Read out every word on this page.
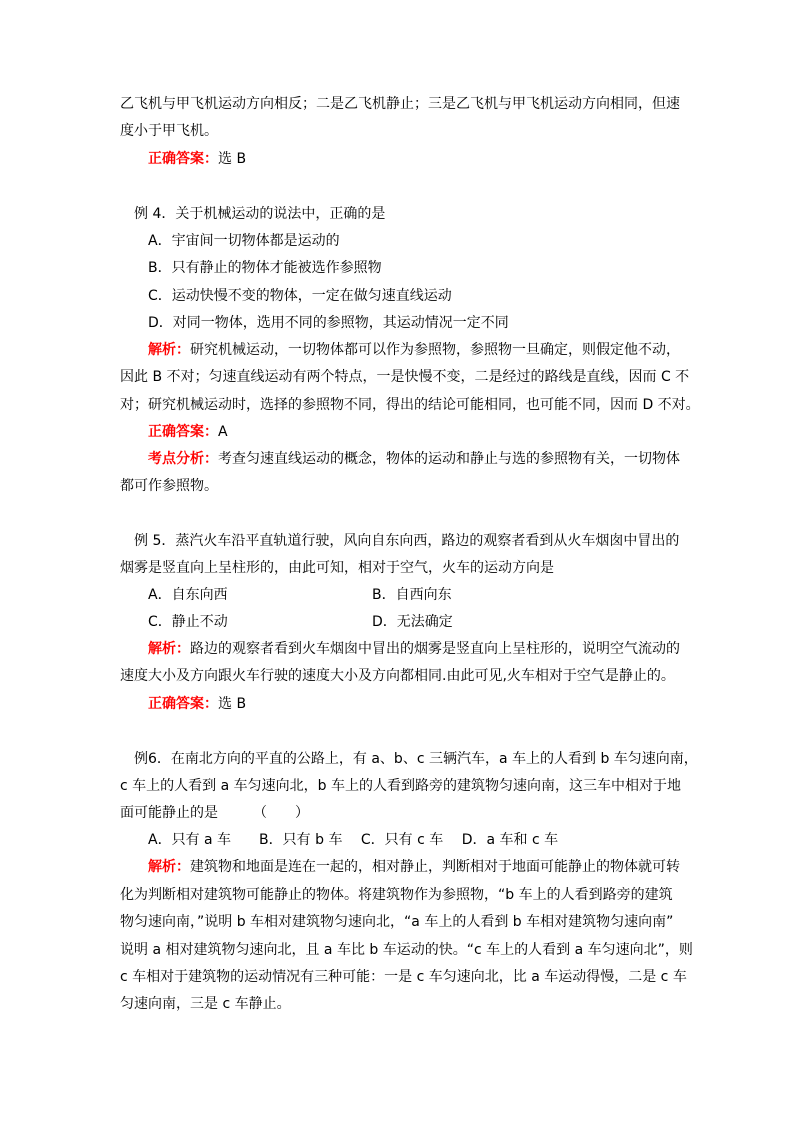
乙飞机与甲飞机运动方向相反；二是乙飞机静止；三是乙飞机与甲飞机运动方向相同，但速
度小于甲飞机。
正确答案：选 B
例 4．关于机械运动的说法中，正确的是
A．宇宙间一切物体都是运动的
B．只有静止的物体才能被选作参照物
C．运动快慢不变的物体，一定在做匀速直线运动
D．对同一物体，选用不同的参照物，其运动情况一定不同
解析：研究机械运动，一切物体都可以作为参照物，参照物一旦确定，则假定他不动，
因此 B 不对；匀速直线运动有两个特点，一是快慢不变，二是经过的路线是直线，因而 C 不
对；研究机械运动时，选择的参照物不同，得出的结论可能相同，也可能不同，因而 D 不对。
正确答案：A
考点分析：考查匀速直线运动的概念，物体的运动和静止与选的参照物有关，一切物体
都可作参照物。
例 5．蒸汽火车沿平直轨道行驶，风向自东向西，路边的观察者看到从火车烟囱中冒出的
烟雾是竖直向上呈柱形的，由此可知，相对于空气，火车的运动方向是
A．自东向西	B．自西向东
C．静止不动	D．无法确定
解析：路边的观察者看到火车烟囱中冒出的烟雾是竖直向上呈柱形的，说明空气流动的
速度大小及方向跟火车行驶的速度大小及方向都相同.由此可见,火车相对于空气是静止的。
正确答案：选 B
例6．在南北方向的平直的公路上，有 a、b、c 三辆汽车，a 车上的人看到 b 车匀速向南，
c 车上的人看到 a 车匀速向北，b 车上的人看到路旁的建筑物匀速向南，这三车中相对于地
面可能静止的是　　　（　　）
A．只有 a 车　　B．只有 b 车　 C．只有 c 车　 D．a 车和 c 车
解析：建筑物和地面是连在一起的，相对静止，判断相对于地面可能静止的物体就可转
化为判断相对建筑物可能静止的物体。将建筑物作为参照物，“b 车上的人看到路旁的建筑
物匀速向南，”说明 b 车相对建筑物匀速向北，“a 车上的人看到 b 车相对建筑物匀速向南”
说明 a 相对建筑物匀速向北，且 a 车比 b 车运动的快。“c 车上的人看到 a 车匀速向北”，则
c 车相对于建筑物的运动情况有三种可能：一是 c 车匀速向北，比 a 车运动得慢，二是 c 车
匀速向南，三是 c 车静止。
